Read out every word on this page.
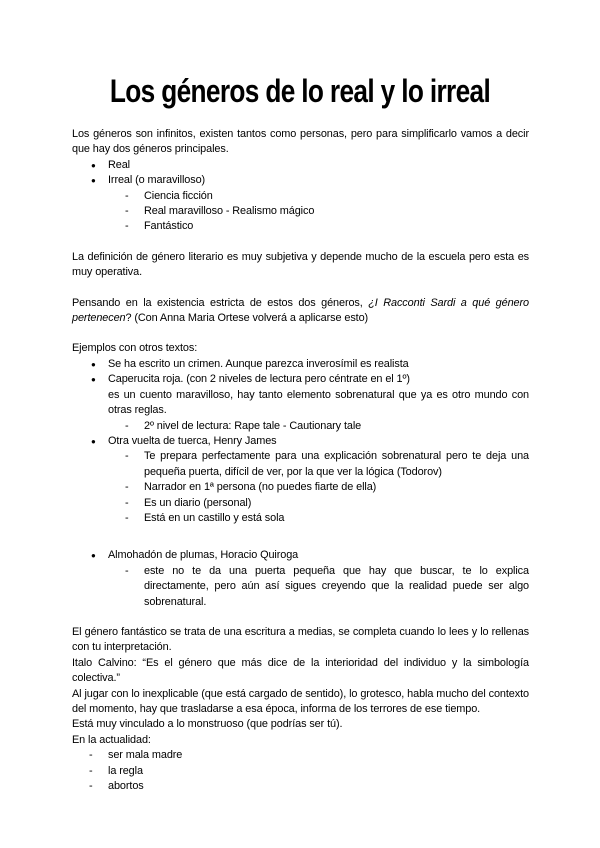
Los géneros de lo real y lo irreal

Los géneros son infinitos, existen tantos como personas, pero para simplificarlo vamos a decir que hay dos géneros principales.

● Real
● Irreal (o maravilloso)
- Ciencia ficción
- Real maravilloso - Realismo mágico
- Fantástico

La definición de género literario es muy subjetiva y depende mucho de la escuela pero esta es muy operativa.

Pensando en la existencia estricta de estos dos géneros, ¿I Racconti Sardi a qué género pertenecen? (Con Anna Maria Ortese volverá a aplicarse esto)

Ejemplos con otros textos:

● Se ha escrito un crimen. Aunque parezca inverosímil es realista
● Caperucita roja. (con 2 niveles de lectura pero céntrate en el 1º)
es un cuento maravilloso, hay tanto elemento sobrenatural que ya es otro mundo con otras reglas.
- 2º nivel de lectura: Rape tale - Cautionary tale
● Otra vuelta de tuerca, Henry James
- Te prepara perfectamente para una explicación sobrenatural pero te deja una pequeña puerta, difícil de ver, por la que ver la lógica (Todorov)
- Narrador en 1ª persona (no puedes fiarte de ella)
- Es un diario (personal)
- Está en un castillo y está sola
● Almohadón de plumas, Horacio Quiroga
- este no te da una puerta pequeña que hay que buscar, te lo explica directamente, pero aún así sigues creyendo que la realidad puede ser algo sobrenatural.

El género fantástico se trata de una escritura a medias, se completa cuando lo lees y lo rellenas con tu interpretación.

Italo Calvino: “Es el género que más dice de la interioridad del individuo y la simbología colectiva.”

Al jugar con lo inexplicable (que está cargado de sentido), lo grotesco, habla mucho del contexto del momento, hay que trasladarse a esa época, informa de los terrores de ese tiempo.

Está muy vinculado a lo monstruoso (que podrías ser tú).

En la actualidad:

- ser mala madre
- la regla
- abortos
